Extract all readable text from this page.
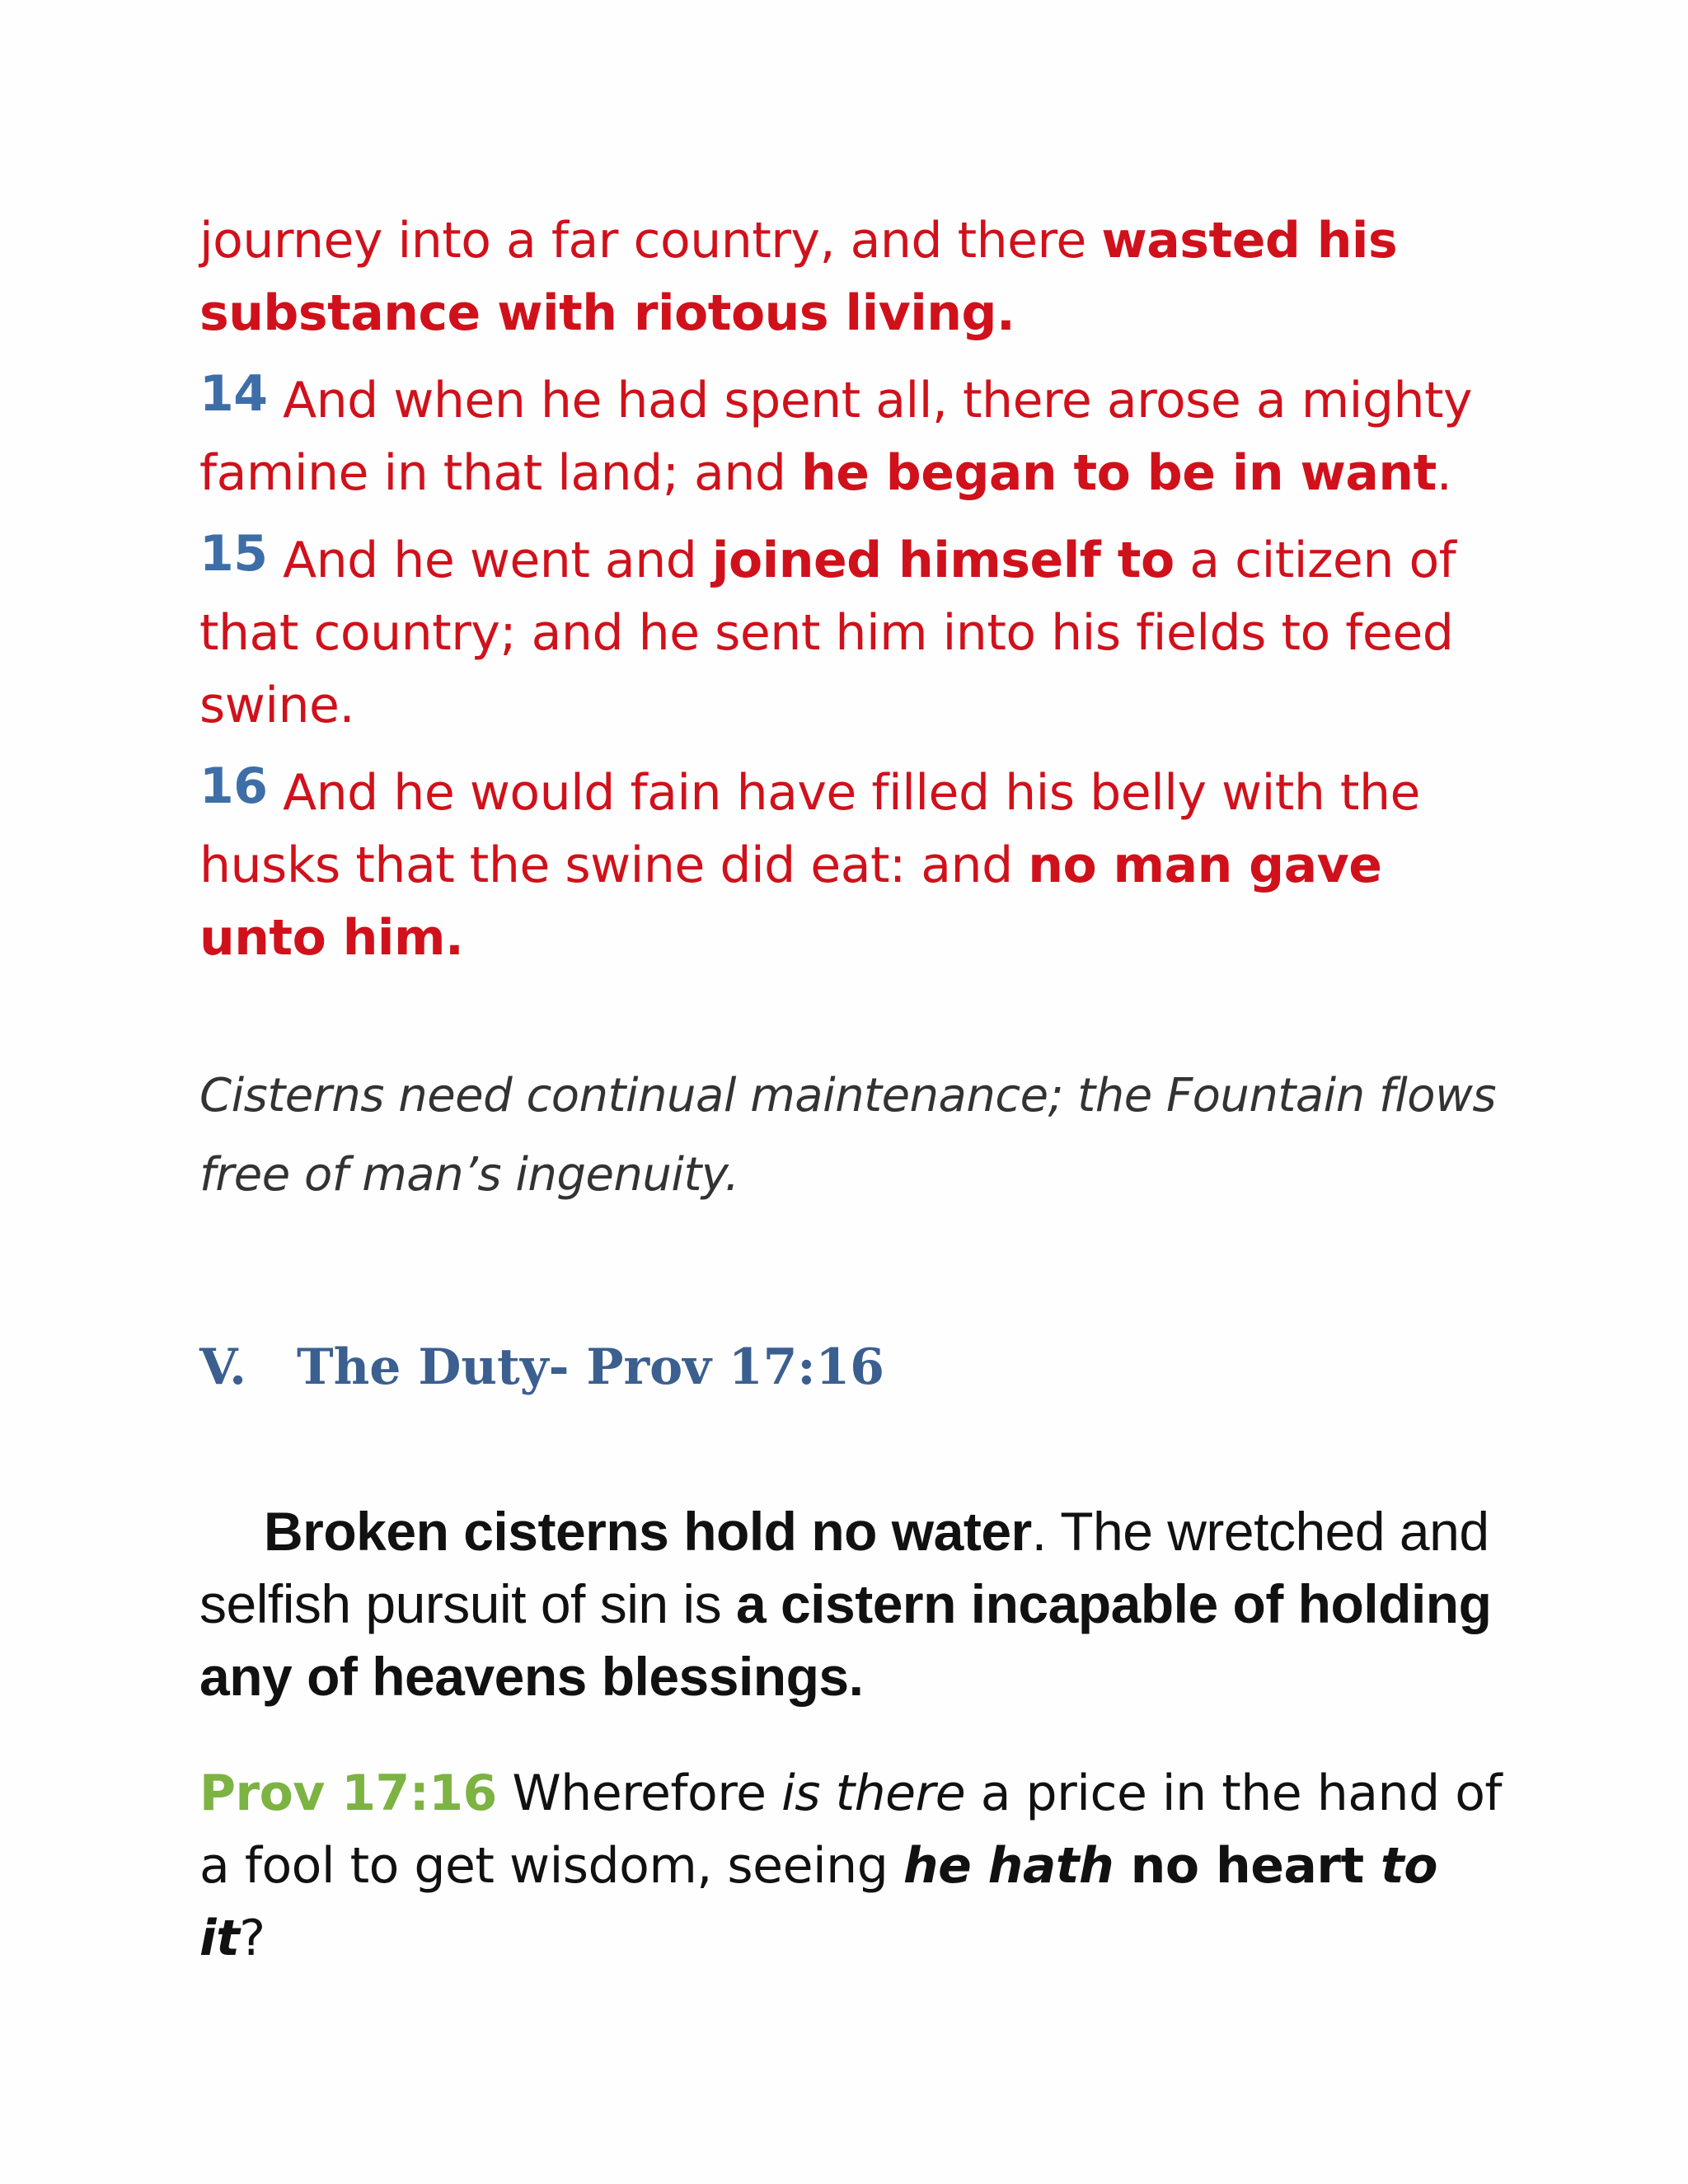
journey into a far country, and there wasted his substance with riotous living.

14 And when he had spent all, there arose a mighty famine in that land; and he began to be in want.

15 And he went and joined himself to a citizen of that country; and he sent him into his fields to feed swine.

16 And he would fain have filled his belly with the husks that the swine did eat: and no man gave unto him.

Cisterns need continual maintenance; the Fountain flows free of man’s ingenuity.
V.	The Duty- Prov 17:16
Broken cisterns hold no water. The wretched and selfish pursuit of sin is a cistern incapable of holding any of heavens blessings.
Prov 17:16 Wherefore is there a price in the hand of a fool to get wisdom, seeing he hath no heart to it?
